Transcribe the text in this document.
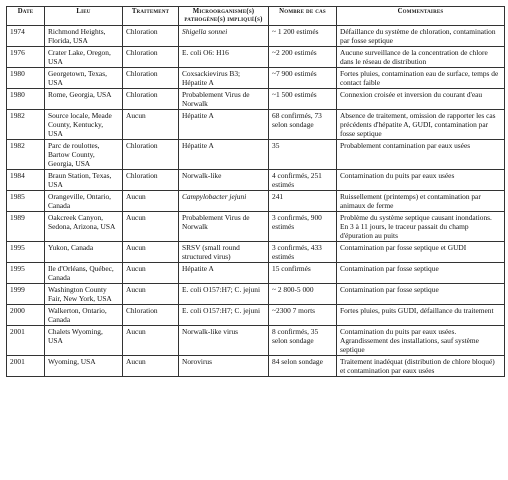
Date	Lieu	Traitement	Microorganisme(s) pathogène(s) impliqué(s)	Nombre de cas	Commentaires
1974	Richmond Heights, Florida, USA	Chloration	Shigella sonnei	~ 1 200 estimés	Défaillance du système de chloration, contamination par fosse septique
1976	Crater Lake, Oregon, USA	Chloration	E. coli O6: H16	~2 200 estimés	Aucune surveillance de la concentration de chlore dans le réseau de distribution
1980	Georgetown, Texas, USA	Chloration	Coxsackievirus B3; Hépatite A	~7 900 estimés	Fortes pluies, contamination eau de surface, temps de contact faible
1980	Rome, Georgia, USA	Chloration	Probablement Virus de Norwalk	~1 500 estimés	Connexion croisée et inversion du courant d'eau
1982	Source locale, Meade County, Kentucky, USA	Aucun	Hépatite A	68 confirmés, 73 selon sondage	Absence de traitement, omission de rapporter les cas précédents d'hépatite A, GUDI, contamination par fosse septique
1982	Parc de roulottes, Bartow County, Georgia, USA	Chloration	Hépatite A	35	Probablement contamination par eaux usées
1984	Braun Station, Texas, USA	Chloration	Norwalk-like	4 confirmés, 251 estimés	Contamination du puits par eaux usées
1985	Orangeville, Ontario, Canada	Aucun	Campylobacter jejuni	241	Ruissellement (printemps) et contamination par animaux de ferme
1989	Oakcreek Canyon, Sedona, Arizona, USA	Aucun	Probablement Virus de Norwalk	3 confirmés, 900 estimés	Problème du système septique causant inondations. En 3 à 11 jours, le traceur passait du champ d'épuration au puits
1995	Yukon, Canada	Aucun	SRSV (small round structured virus)	3 confirmés, 433 estimés	Contamination par fosse septique et GUDI
1995	Ile d'Orléans, Québec, Canada	Aucun	Hépatite A	15 confirmés	Contamination par fosse septique
1999	Washington County Fair, New York, USA	Aucun	E. coli O157:H7; C. jejuni	~ 2 800-5 000	Contamination par fosse septique
2000	Walkerton, Ontario, Canada	Chloration	E. coli O157:H7; C. jejuni	~2300 7 morts	Fortes pluies, puits GUDI, défaillance du traitement
2001	Chalets Wyoming, USA	Aucun	Norwalk-like virus	8 confirmés, 35 selon sondage	Contamination du puits par eaux usées. Agrandissement des installations, sauf système septique
2001	Wyoming, USA	Aucun	Norovirus	84 selon sondage	Traitement inadéquat (distribution de chlore bloqué) et contamination par eaux usées
